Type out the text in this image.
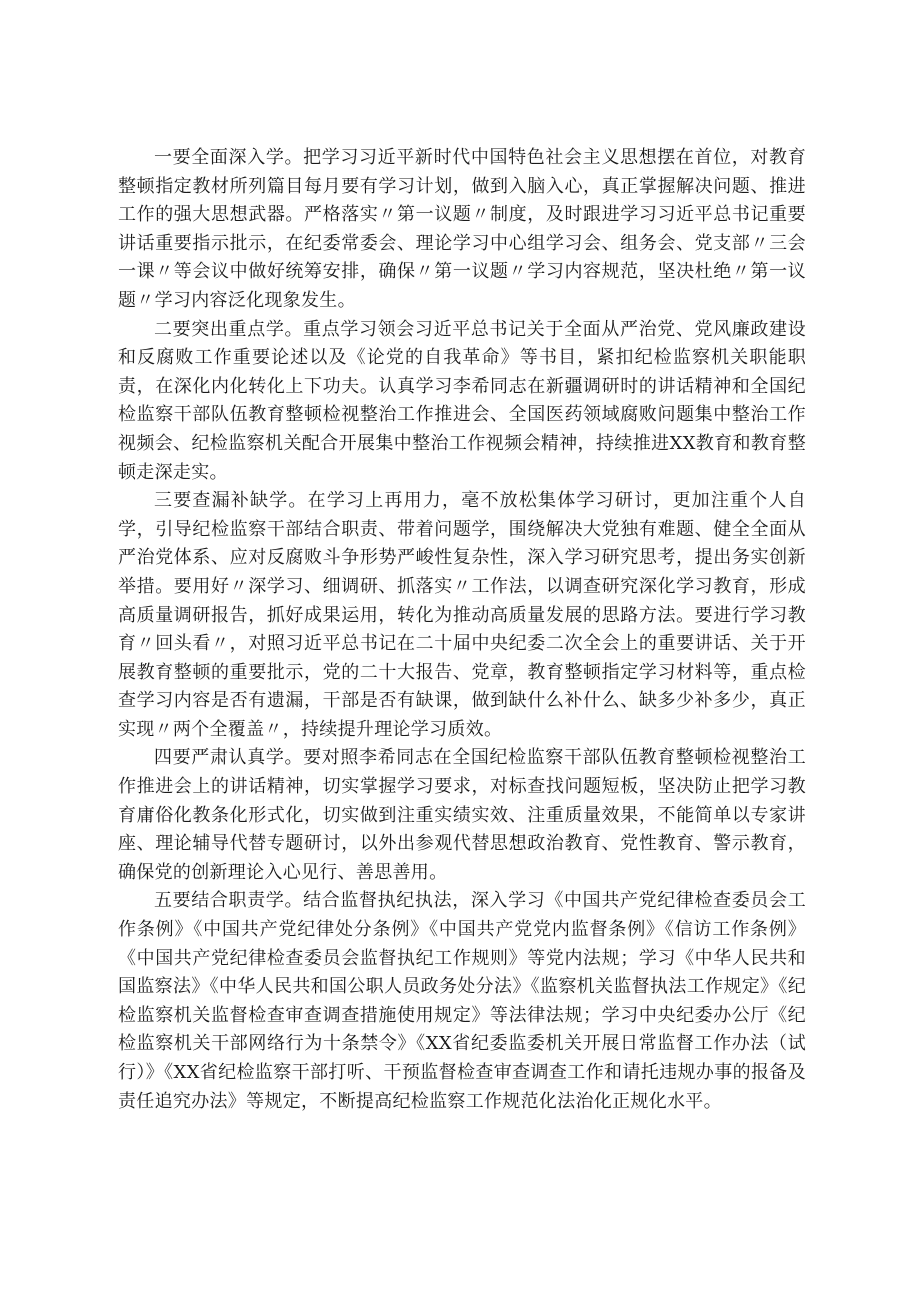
一要全面深入学。把学习习近平新时代中国特色社会主义思想摆在首位，对教育整顿指定教材所列篇目每月要有学习计划，做到入脑入心，真正掌握解决问题、推进工作的强大思想武器。严格落实〃第一议题〃制度，及时跟进学习习近平总书记重要讲话重要指示批示，在纪委常委会、理论学习中心组学习会、组务会、党支部〃三会一课〃等会议中做好统筹安排，确保〃第一议题〃学习内容规范，坚决杜绝〃第一议题〃学习内容泛化现象发生。

二要突出重点学。重点学习领会习近平总书记关于全面从严治党、党风廉政建设和反腐败工作重要论述以及《论党的自我革命》等书目，紧扣纪检监察机关职能职责，在深化内化转化上下功夫。认真学习李希同志在新疆调研时的讲话精神和全国纪检监察干部队伍教育整顿检视整治工作推进会、全国医药领域腐败问题集中整治工作视频会、纪检监察机关配合开展集中整治工作视频会精神，持续推进XX教育和教育整顿走深走实。

三要查漏补缺学。在学习上再用力，毫不放松集体学习研讨，更加注重个人自学，引导纪检监察干部结合职责、带着问题学，围绕解决大党独有难题、健全全面从严治党体系、应对反腐败斗争形势严峻性复杂性，深入学习研究思考，提出务实创新举措。要用好〃深学习、细调研、抓落实〃工作法，以调查研究深化学习教育，形成高质量调研报告，抓好成果运用，转化为推动高质量发展的思路方法。要进行学习教育〃回头看〃，对照习近平总书记在二十届中央纪委二次全会上的重要讲话、关于开展教育整顿的重要批示，党的二十大报告、党章，教育整顿指定学习材料等，重点检查学习内容是否有遗漏，干部是否有缺课，做到缺什么补什么、缺多少补多少，真正实现〃两个全覆盖〃，持续提升理论学习质效。

四要严肃认真学。要对照李希同志在全国纪检监察干部队伍教育整顿检视整治工作推进会上的讲话精神，切实掌握学习要求，对标查找问题短板，坚决防止把学习教育庸俗化教条化形式化，切实做到注重实绩实效、注重质量效果，不能简单以专家讲座、理论辅导代替专题研讨，以外出参观代替思想政治教育、党性教育、警示教育，确保党的创新理论入心见行、善思善用。

五要结合职责学。结合监督执纪执法，深入学习《中国共产党纪律检查委员会工作条例》《中国共产党纪律处分条例》《中国共产党党内监督条例》《信访工作条例》《中国共产党纪律检查委员会监督执纪工作规则》等党内法规；学习《中华人民共和国监察法》《中华人民共和国公职人员政务处分法》《监察机关监督执法工作规定》《纪检监察机关监督检查审查调查措施使用规定》等法律法规；学习中央纪委办公厅《纪检监察机关干部网络行为十条禁令》《XX省纪委监委机关开展日常监督工作办法（试行）》《XX省纪检监察干部打听、干预监督检查审查调查工作和请托违规办事的报备及责任追究办法》等规定，不断提高纪检监察工作规范化法治化正规化水平。
